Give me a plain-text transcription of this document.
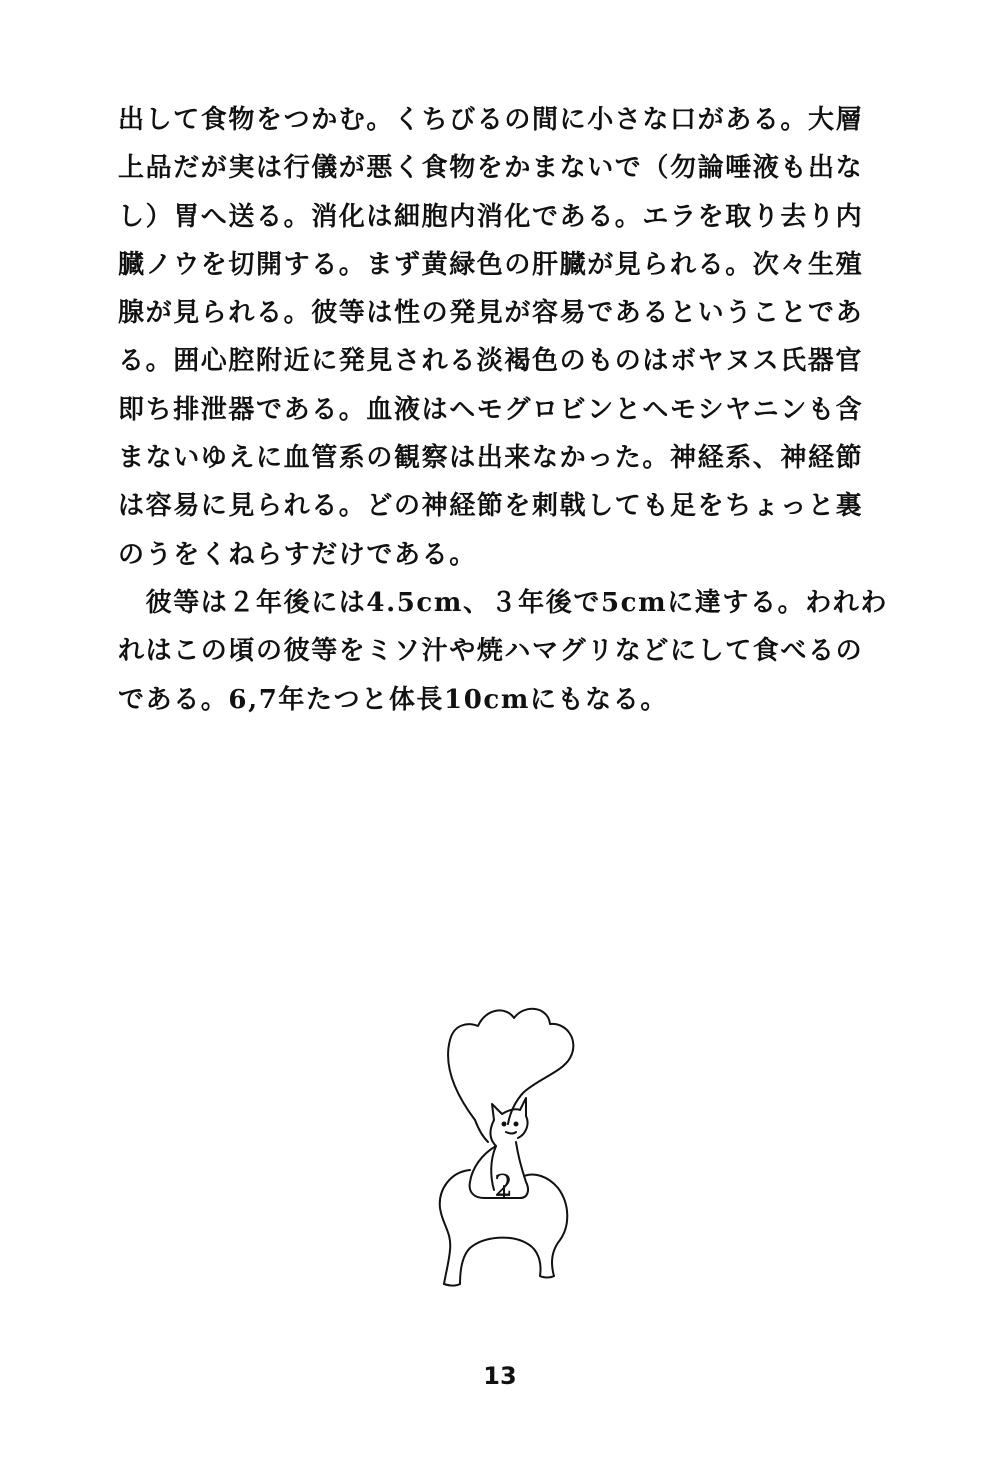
出して食物をつかむ。くちびるの間に小さな口がある。大層
上品だが実は行儀が悪く食物をかまないで（勿論唾液も出な
し）胃へ送る。消化は細胞内消化である。エラを取り去り内
臓ノウを切開する。まず黄緑色の肝臓が見られる。次々生殖
腺が見られる。彼等は性の発見が容易であるということであ
る。囲心腔附近に発見される淡褐色のものはボヤヌス氏器官
即ち排泄器である。血液はヘモグロビンとヘモシヤニンも含
まないゆえに血管系の観察は出来なかった。神経系、神経節
は容易に見られる。どの神経節を刺戟しても足をちょっと裏
のうをくねらすだけである。
　彼等は２年後には4.5cm、３年後で5cmに達する。われわ
れはこの頃の彼等をミソ汁や焼ハマグリなどにして食べるの
である。6,7年たつと体長10cmにもなる。
2
13
